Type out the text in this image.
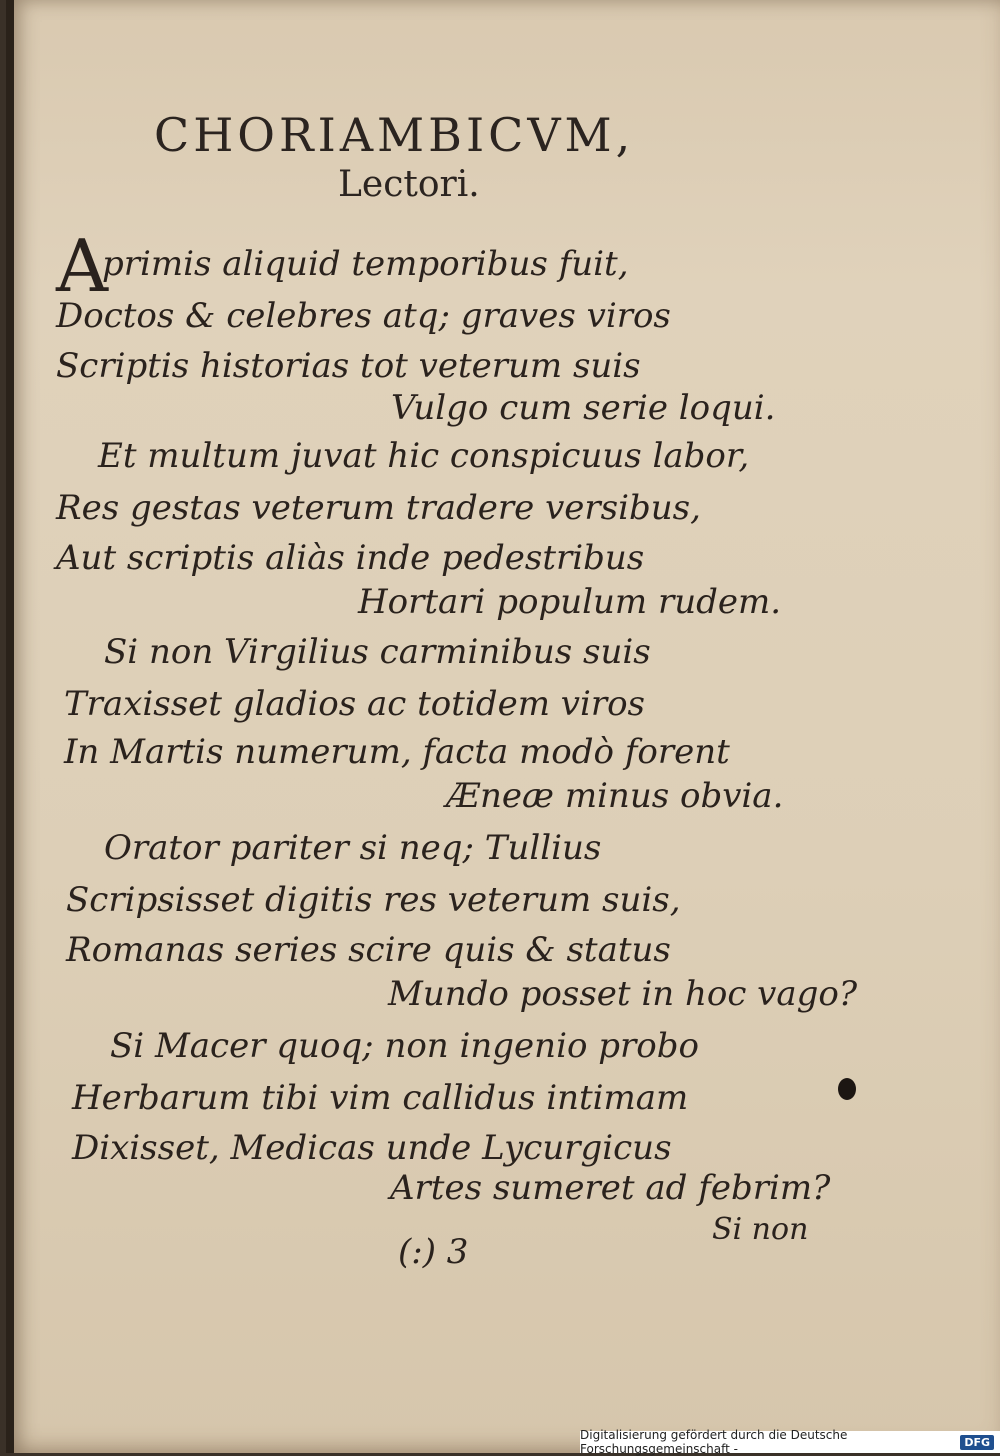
CHORIAMBICVM,
Lectori.
A
primis aliquid temporibus fuit,
Doctos & celebres atq; graves viros
Scriptis historias tot veterum suis
Vulgo cum serie loqui.
Et multum juvat hic conspicuus labor,
Res gestas veterum tradere versibus,
Aut scriptis aliàs inde pedestribus
Hortari populum rudem.
Si non Virgilius carminibus suis
Traxisset gladios ac totidem viros
In Martis numerum, facta modò forent
Æneæ minus obvia.
Orator pariter si neq; Tullius
Scripsisset digitis res veterum suis,
Romanas series scire quis & status
Mundo posset in hoc vago?
Si Macer quoq; non ingenio probo
Herbarum tibi vim callidus intimam
Dixisset, Medicas unde Lycurgicus
Artes sumeret ad febrim?
(:) 3
Si non
Digitalisierung gefördert durch die Deutsche Forschungsgemeinschaft -	DFG
